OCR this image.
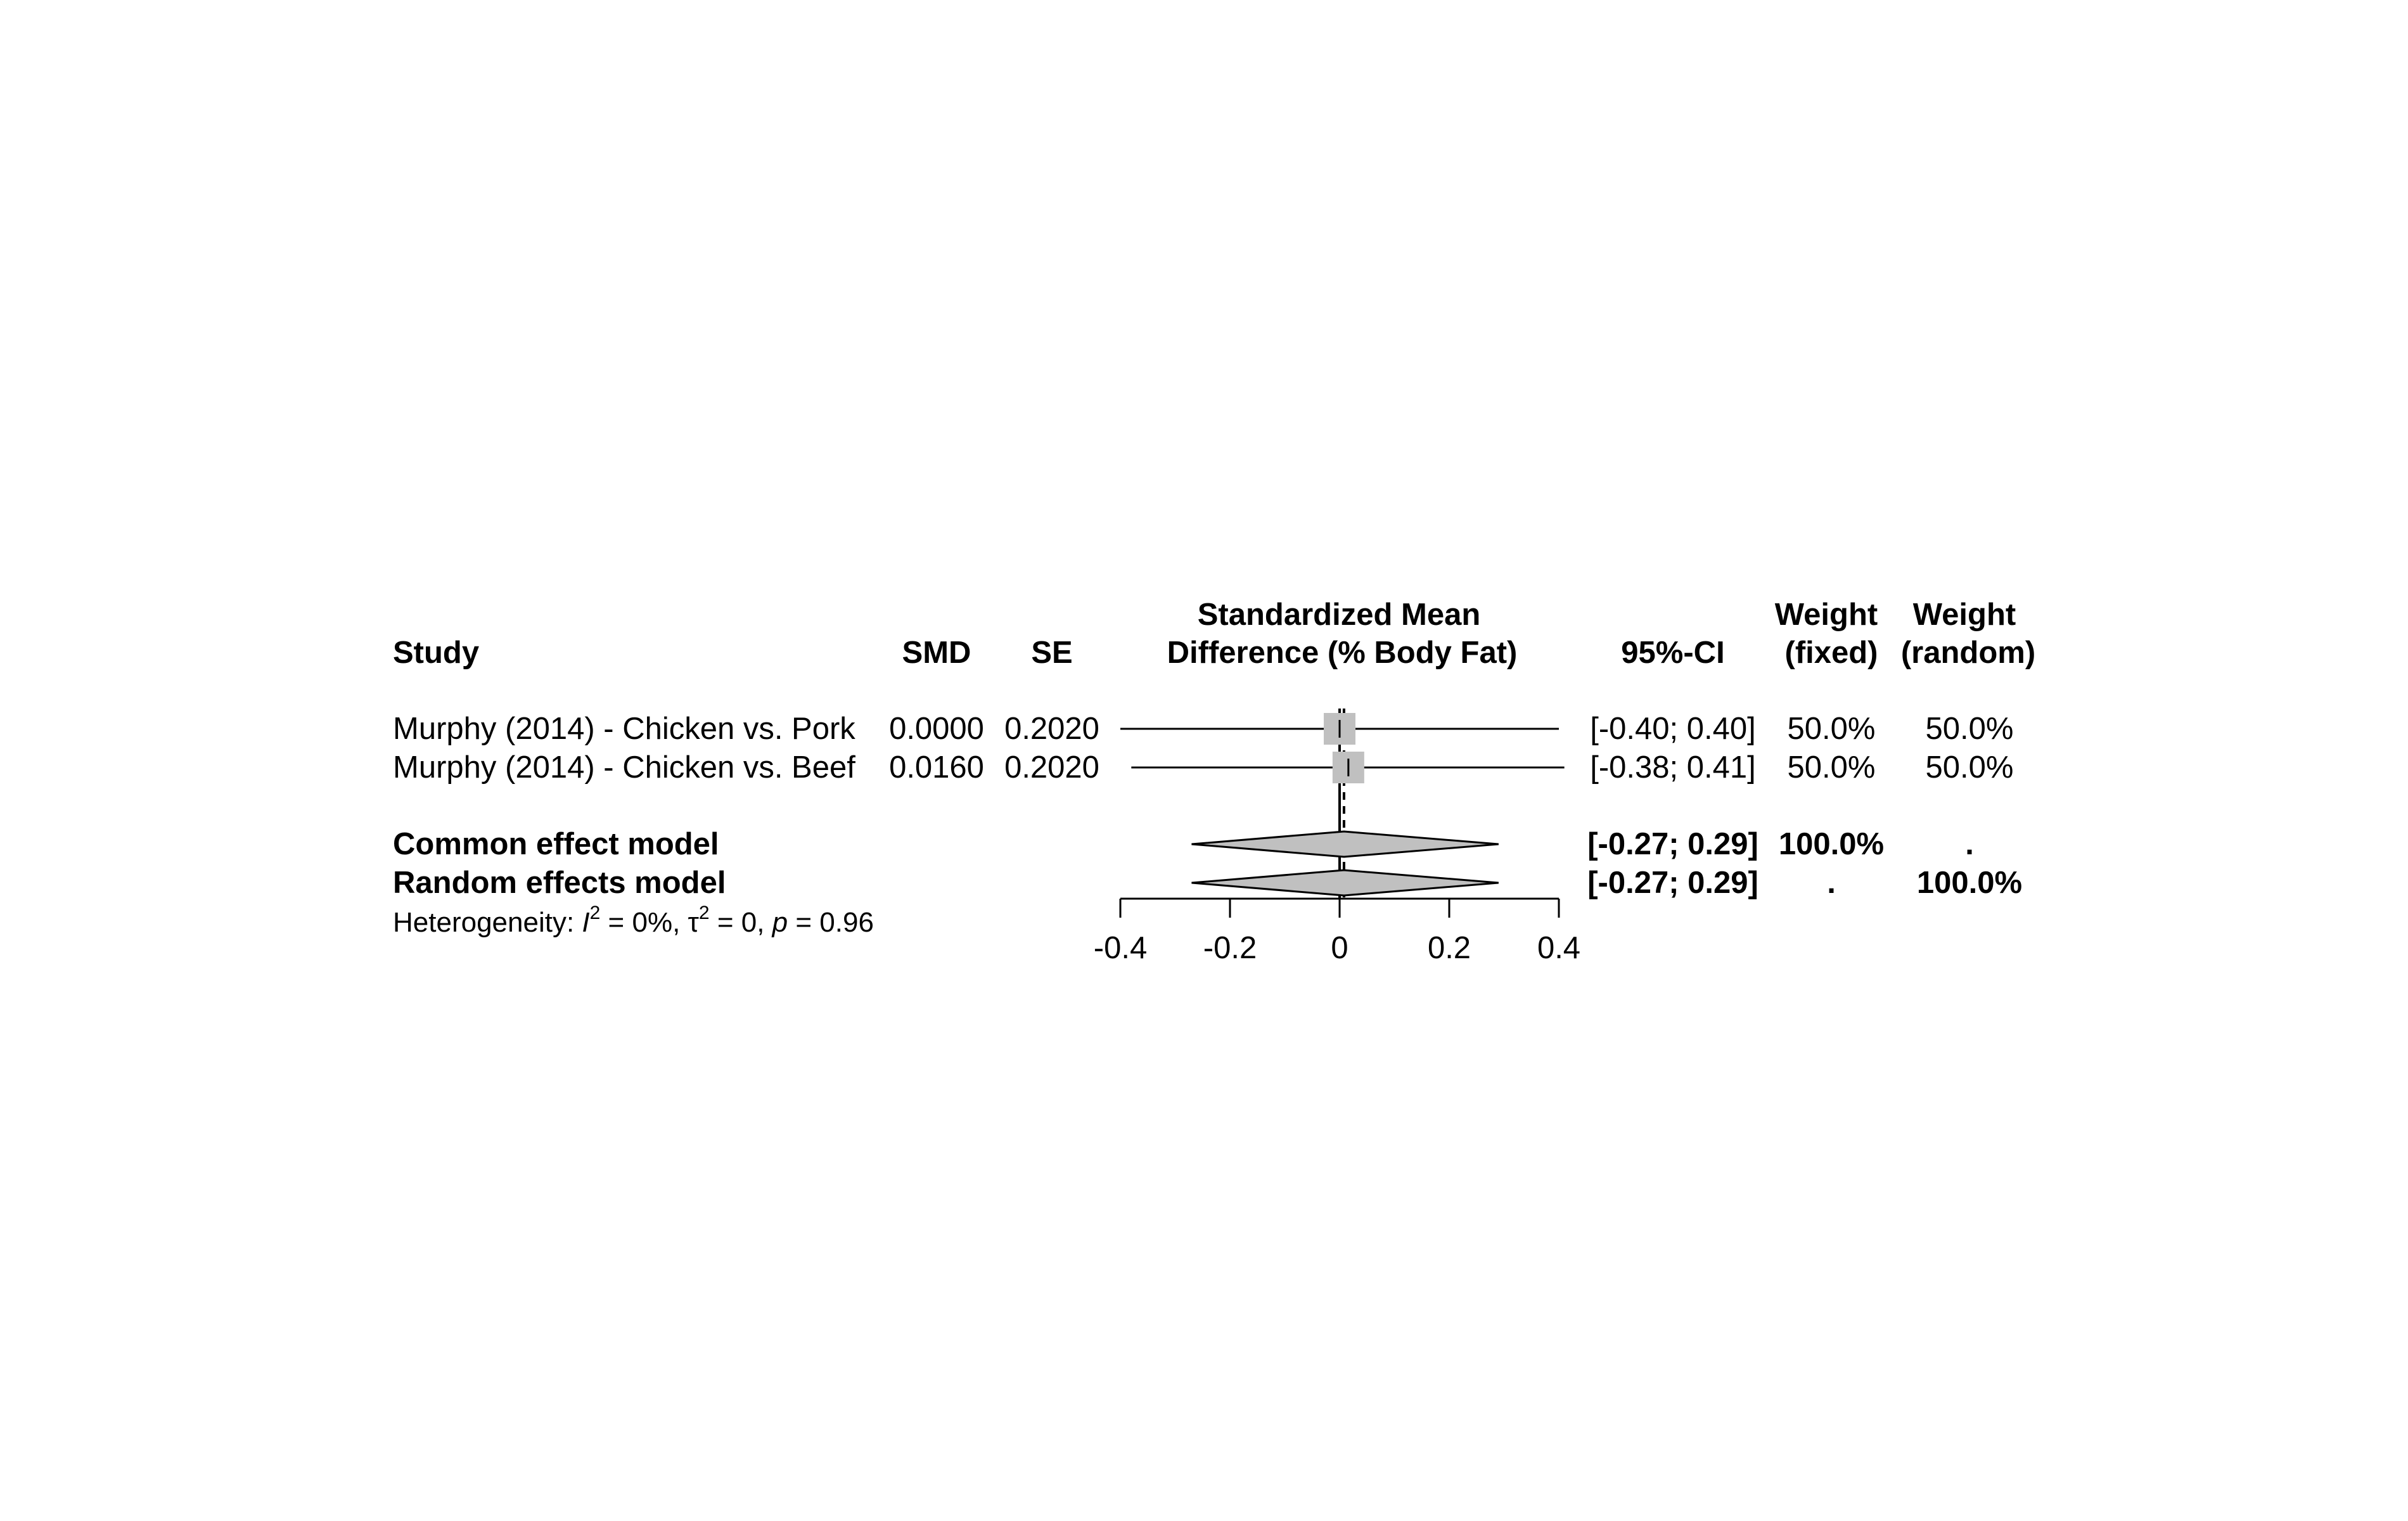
Study	SMD SE
Standardized Mean
Difference (% Body Fat)	95%-CI
Weight
(fixed)
Weight
(random)
Murphy (2014) - Chicken vs. Pork 0.0000 0.2020	[-0.40; 0.40] 50.0% 50.0%
Murphy (2014) - Chicken vs. Beef 0.0160 0.2020	[-0.38; 0.41] 50.0% 50.0%
Common effect model	[-0.27; 0.29] 100.0%	.
Random effects model	[-0.27; 0.29] .	100.0%
Heterogeneity: $I^2 = 0\%$, $\tau^2 = 0$, p = 0.96
-0.4 -0.2 0	0.2 0.4
